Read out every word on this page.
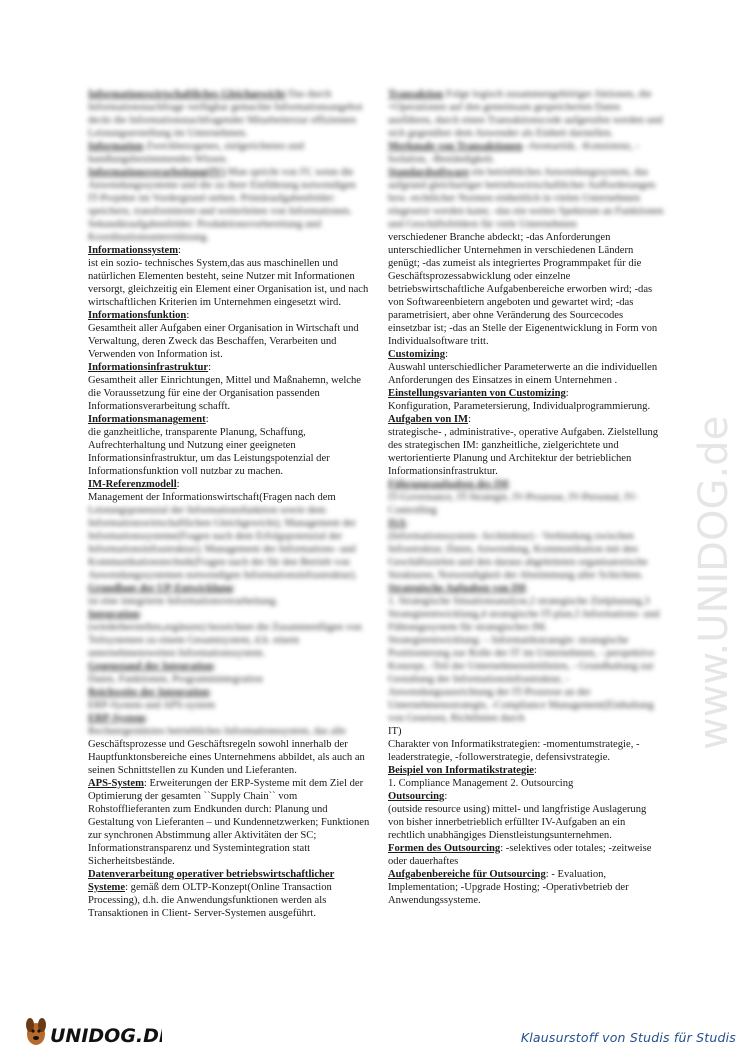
Informationswirtschaftliches Gleichgewicht Das durch Informationsnachfrage verfügbar gemachte Informationsangebot deckt die Informationsnachfragender Mitarbeiterzur effizienten Leistungserstellung im Unternehmen.

Information Zweckbezogenes, zielgerichtetes und handlungsbestimmendes Wissen.

Informationsverarbeitung(IV) Man spricht von IV, wenn die Anwendungssysteme und die zu ihrer Einführung notwendigen IT-Projekte im Vordergrund stehen. Primäraufgabenfelder: speichern, transformieren und weiterleiten von Informationen. Sekundäraufgabenfelder: Produktionsvorbereitung und Koordinationsunterstützung.

Informationssystem:
ist ein sozio- technisches System,das aus maschinellen und natürlichen Elementen besteht, seine Nutzer mit Informationen versorgt, gleichzeitig ein Element einer Organisation ist, und nach wirtschaftlichen Kriterien im Unternehmen eingesetzt wird.

Informationsfunktion:
Gesamtheit aller Aufgaben einer Organisation in Wirtschaft und Verwaltung, deren Zweck das Beschaffen, Verarbeiten und Verwenden von Information ist.

Informationsinfrastruktur:
Gesamtheit aller Einrichtungen, Mittel und Maßnahemn, welche die Voraussetzung für eine der Organisation passenden Informationsverarbeitung schafft.

Informationsmanagement:
die ganzheitliche, transparente Planung, Schaffung, Aufrechterhaltung und Nutzung einer geeigneten Informationsinfrastruktur, um das Leistungspotenzial der Informationsfunktion voll nutzbar zu machen.

IM-Referenzmodell:
Management der Informationswirtschaft(Fragen nach dem

Leistungspotenzial der Informationsfunktion sowie dem Informationswirtschaftlichen Gleichgewicht); Management der Informationssysteme(Fragen nach dem Erfolgspotenzial der Informationsinfrastruktur); Management der Informations- und Kommunikationstechnik(Fragen nach der für den Betrieb von Anwendungssystemen notwendigen Informationsinfrastruktur).

Grundlage der UP-Entwicklung:
ist eine integrierte Informationsverarbeitung.

Integration:
(wiederherstellen,ergänzen) bezeichnet die Zusammenfügen von Teilsystemen zu einem Gesamtsystem, d.h. einem unternehmensweiten Informationssystem.

Gegenstand der Integration:
Daten, Funktionen, Programmintegration

Reichweite der Integration:
ERP-System und APS-system

ERP-System:
Rechnergestütztes betriebliches Informationssystem, das alle

Geschäftsprozesse und Geschäftsregeln sowohl innerhalb der Hauptfunktonsbereiche eines Unternehmens abbildet, als auch an seinen Schnittstellen zu Kunden und Lieferanten.

APS-System: Erweiterungen der ERP-Systeme mit dem Ziel der Optimierung der gesamten ``Supply Chain`` vom Rohstofflieferanten zum Endkunden durch: Planung und Gestaltung von Lieferanten – und Kundennetzwerken; Funktionen zur synchronen Abstimmung aller Aktivitäten der SC; Informationstransparenz und Systemintegration statt Sicherheitsbestände.

Datenverarbeitung operativer betriebswirtschaftlicher Systeme: gemäß dem OLTP-Konzept(Online Transaction Processing), d.h. die Anwendungsfunktionen werden als Transaktionen in Client- Server-Systemen ausgeführt.

Transaktion Folge logisch zusammengehöriger Aktionen, die +Operationen auf den gemeinsam gespeicherten Daten ausführen, durch einen Transaktionscode aufgerufen werden und sich gegenüber dem Anwender als Einheit darstellen.

Merkmale von Transaktionen -Atomarität, -Konsistenz, -Isolation, -Beständigkeit.

Standardsoftware ein betriebliches Anwendungssystem, das aufgrund gleichartiger betriebswirtschaftlicher Aufforderungen bzw. rechtlicher Normen einheitlich in vielen Unternehmen eingesetzt werden kann; -das ein weites Spektrum an Funktionen und Geschäftsfeldern für viele Unternehmen

verschiedener Branche abdeckt; -das Anforderungen unterschiedlicher Unternehmen in verschiedenen Ländern genügt; -das zumeist als integriertes Programmpaket für die Geschäftsprozessabwicklung oder einzelne betriebswirtschaftliche Aufgabenbereiche erworben wird; -das von Softwareenbietern angeboten und gewartet wird; -das parametrisiert, aber ohne Veränderung des Sourcecodes einsetzbar ist; -das an Stelle der Eigenentwicklung in Form von Individualsoftware tritt.

Customizing:
Auswahl unterschiedlicher Parameterwerte an die individuellen Anforderungen des Einsatzes in einem Unternehmen .

Einstellungsvarianten von Customizing:
Konfiguration, Parametersierung, Individualprogrammierung.

Aufgaben von IM:
strategische- , administrative-, operative Aufgaben. Zielstellung des strategischen IM: ganzheitliche, zielgerichtete und wertorientierte Planung und Architektur der betrieblichen Informationsinfrastruktur.

Führungsaufgaben des IM:
IT-Governance, IT-Strategie, IV-Prozesse, IV-Personal, IV-Controlling

ISA:
(Informationssystem- Architektur) - Verbindung zwischen Infrastruktur, Daten, Anwendung, Kommunikation mit den Geschäftszielen und den daraus abgeleiteten organisatorische Strukturen, Notwendigkeit der Abstimmung aller Schichten.

Strategische Aufgaben von IM:
1. Strategische Situationsanalyse,2 strategische Zielplanung,3 Strategieentwicklung,4 strategische IT-plan,5 Informations- und Führungssystem für strategisches IM.

Strategieentwicklung: – Informatikstrategie: strategische Positionierung zur Rolle der IT im Unternehmen, - perspektive Konzept, -Teil der Unternehmensleitlinien, - Grundhaltung zur Gestaltung der Informationsinfrastruktur, - Anwendungsausrichtung der IT-Prozesse an der Unternehmensstrategie, -Compliance Management(Einhaltung von Gesetzen, Richtlinien durch

IT)

Charakter von Informatikstrategien: -momentumstrategie, -leaderstrategie, -followerstrategie, defensivstrategie.

Beispiel von Informatikstrategie:
1. Compliance Management 2. Outsourcing

Outsourcing:
(outside resource using) mittel- und langfristige Auslagerung von bisher innerbetrieblich erfüllter IV-Aufgaben an ein rechtlich unabhängiges Dienstleistungsunternehmen.

Formen des Outsourcing: -selektives oder totales; -zeitweise oder dauerhaftes

Aufgabenbereiche für Outsourcing: - Evaluation, Implementation; -Upgrade Hosting; -Operativbetrieb der Anwendungssysteme.

www.UNIDOG.de
UNIDOG.DE	Klausurstoff von Studis für Studis
